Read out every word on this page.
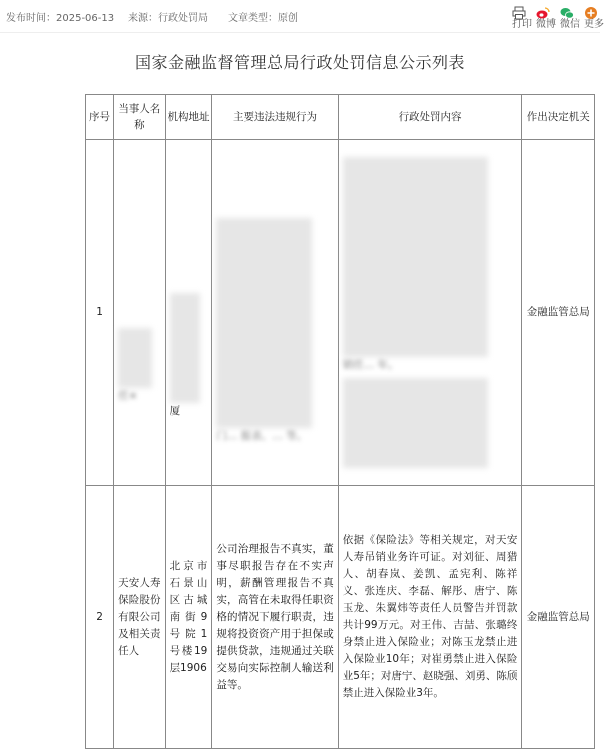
发布时间：2025-06-13 来源：行政处罚局 文章类型：原创
打印 微博 微信 更多
国家金融监督管理总局行政处罚信息公示列表
序号	当事人名称	机构地址	主要违法违规行为	行政处罚内容	作出决定机关
1	任×	厦	门… 报表、… 等。	销任… 年。	金融监管总局

2	天安人寿保险股份有限公司及相关责任人	北京市石景山区古城南街9号院1号楼19层1906	公司治理报告不真实，董事尽职报告存在不实声明，薪酬管理报告不真实，高管在未取得任职资格的情况下履行职责，违规将投资资产用于担保或提供贷款，违规通过关联交易向实际控制人输送利益等。	依据《保险法》等相关规定，对天安人寿吊销业务许可证。对刘征、周猎人、胡春岚、姜凯、孟宪利、陈祥义、张连庆、李磊、解彤、唐宁、陈玉龙、朱翼炜等责任人员警告并罚款共计99万元。对王伟、吉喆、张璐终身禁止进入保险业；对陈玉龙禁止进入保险业10年；对崔勇禁止进入保险业5年；对唐宁、赵晓强、刘勇、陈颀禁止进入保险业3年。	金融监管总局
